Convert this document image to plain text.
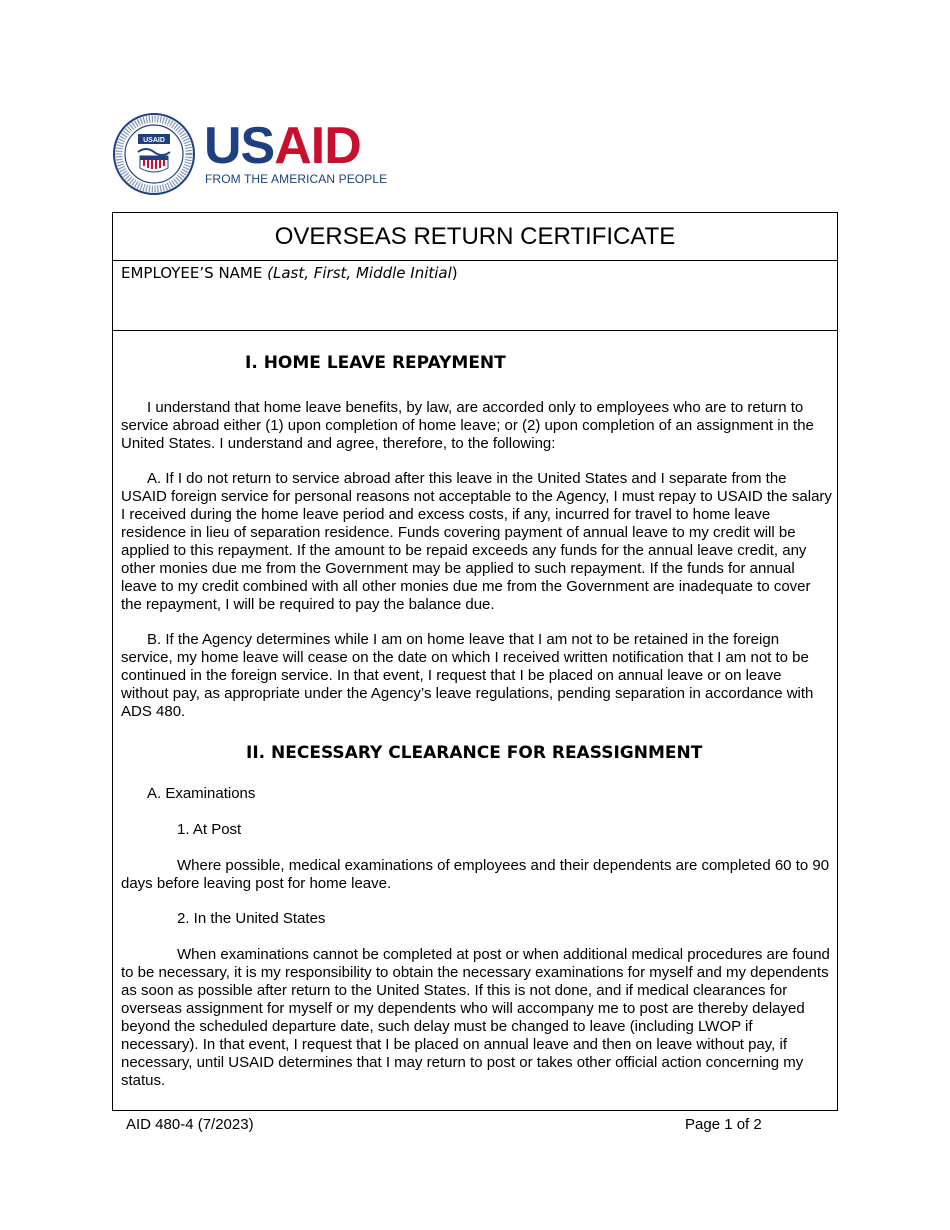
USAID USAID
FROM THE AMERICAN PEOPLE
OVERSEAS RETURN CERTIFICATE
EMPLOYEE’S NAME (Last, First, Middle Initial)
I. HOME LEAVE REPAYMENT

I understand that home leave benefits, by law, are accorded only to employees who are to return to service abroad either (1) upon completion of home leave; or (2) upon completion of an assignment in the United States. I understand and agree, therefore, to the following:

A. If I do not return to service abroad after this leave in the United States and I separate from the USAID foreign service for personal reasons not acceptable to the Agency, I must repay to USAID the salary I received during the home leave period and excess costs, if any, incurred for travel to home leave residence in lieu of separation residence. Funds covering payment of annual leave to my credit will be applied to this repayment. If the amount to be repaid exceeds any funds for the annual leave credit, any other monies due me from the Government may be applied to such repayment. If the funds for annual leave to my credit combined with all other monies due me from the Government are inadequate to cover the repayment, I will be required to pay the balance due.

B. If the Agency determines while I am on home leave that I am not to be retained in the foreign service, my home leave will cease on the date on which I received written notification that I am not to be continued in the foreign service. In that event, I request that I be placed on annual leave or on leave without pay, as appropriate under the Agency’s leave regulations, pending separation in accordance with ADS 480.

II. NECESSARY CLEARANCE FOR REASSIGNMENT
A. Examinations
1. At Post

Where possible, medical examinations of employees and their dependents are completed 60 to 90 days before leaving post for home leave.

2. In the United States

When examinations cannot be completed at post or when additional medical procedures are found to be necessary, it is my responsibility to obtain the necessary examinations for myself and my dependents as soon as possible after return to the United States. If this is not done, and if medical clearances for overseas assignment for myself or my dependents who will accompany me to post are thereby delayed beyond the scheduled departure date, such delay must be changed to leave (including LWOP if necessary). In that event, I request that I be placed on annual leave and then on leave without pay, if necessary, until USAID determines that I may return to post or takes other official action concerning my status.

AID 480-4 (7/2023)	Page 1 of 2
